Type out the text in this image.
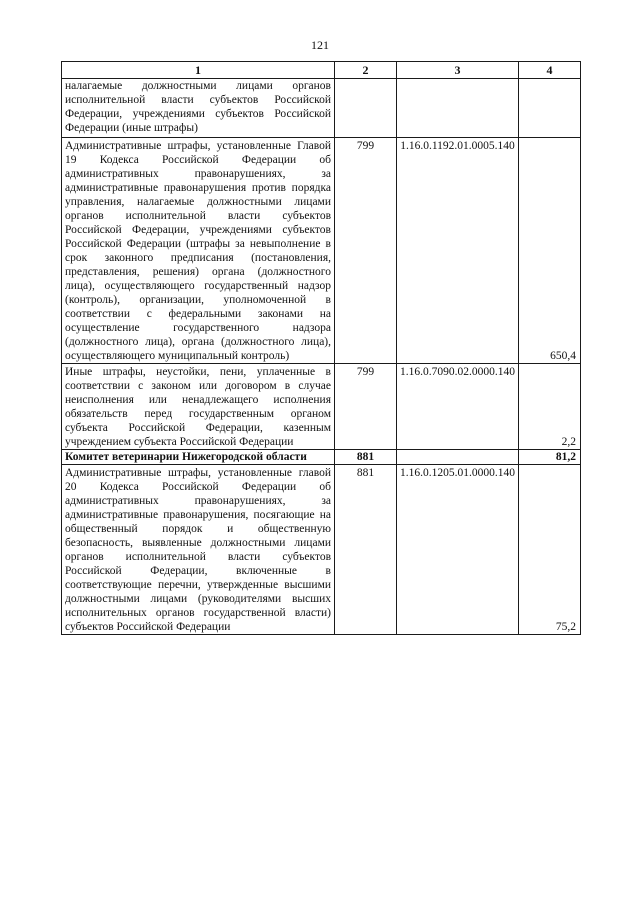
121
1	2	3	4
налагаемые должностными лицами органов исполнительной власти субъектов Российской Федерации, учреждениями субъектов Российской Федерации (иные штрафы)			
Административные штрафы, установленные Главой 19 Кодекса Российской Федерации об административных правонарушениях, за административные правонарушения против порядка управления, налагаемые должностными лицами органов исполнительной власти субъектов Российской Федерации, учреждениями субъектов Российской Федерации (штрафы за невыполнение в срок законного предписания (постановления, представления, решения) органа (должностного лица), осуществляющего государственный надзор (контроль), организации, уполномоченной в соответствии с федеральными законами на осуществление государственного надзора (должностного лица), органа (должностного лица), осуществляющего муниципальный контроль)	799	1.16.0.1192.01.0005.140	650,4
Иные штрафы, неустойки, пени, уплаченные в соответствии с законом или договором в случае неисполнения или ненадлежащего исполнения обязательств перед государственным органом субъекта Российской Федерации, казенным учреждением субъекта Российской Федерации	799	1.16.0.7090.02.0000.140	2,2
Комитет ветеринарии Нижегородской области	881		81,2
Административные штрафы, установленные главой 20 Кодекса Российской Федерации об административных правонарушениях, за административные правонарушения, посягающие на общественный порядок и общественную безопасность, выявленные должностными лицами органов исполнительной власти субъектов Российской Федерации, включенные в соответствующие перечни, утвержденные высшими должностными лицами (руководителями высших исполнительных органов государственной власти) субъектов Российской Федерации	881	1.16.0.1205.01.0000.140	75,2
